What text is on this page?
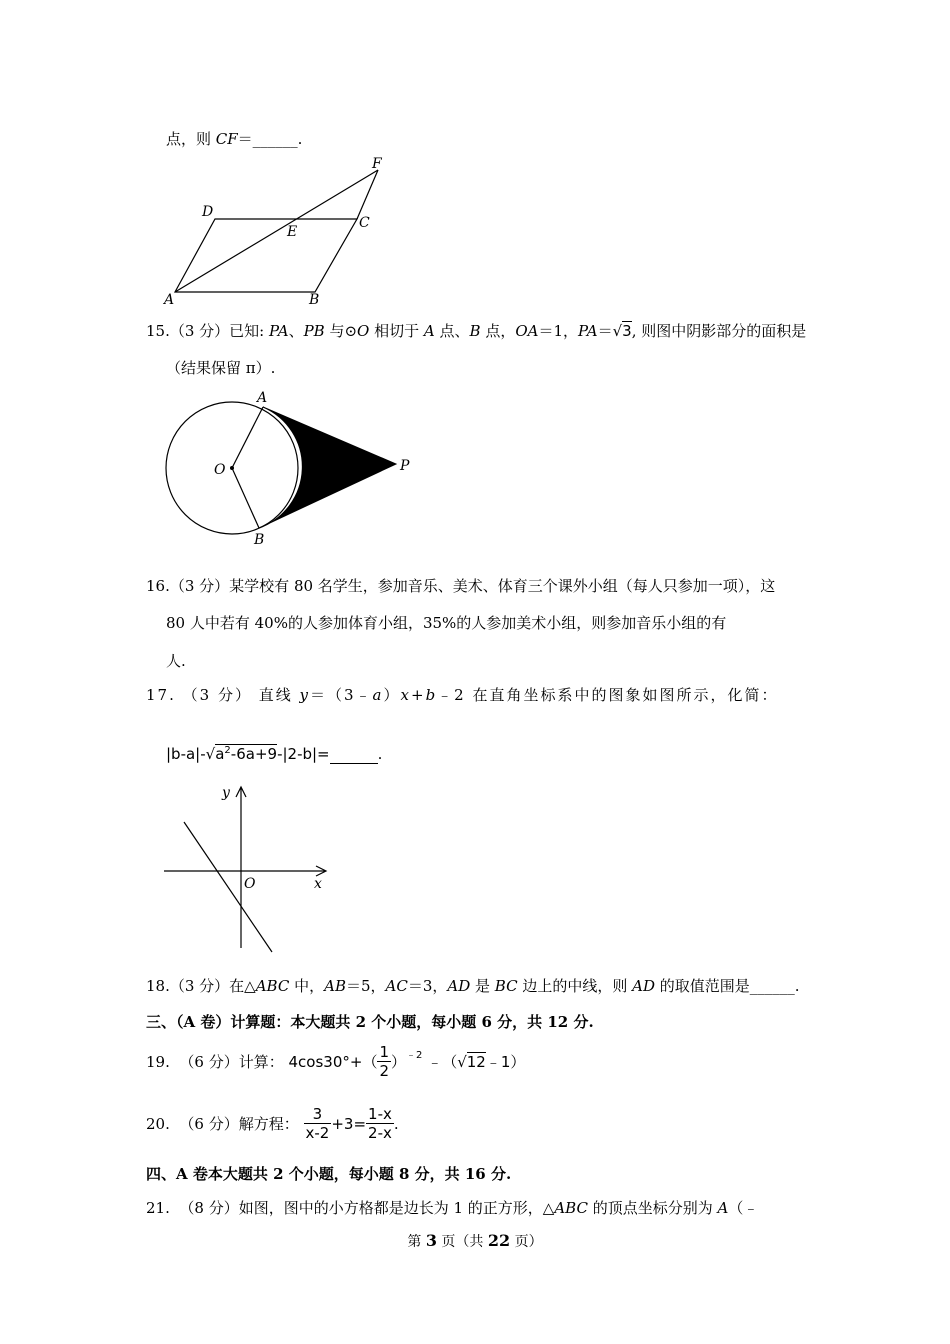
点，则 CF＝______.
F
D
C
E
A	B
15.（3 分）已知: PA、PB 与⊙O 相切于 A 点、B 点，OA＝1，PA＝√3, 则图中阴影部分的面积是
（结果保留 π）.
A
O	P
B
16.（3 分）某学校有 80 名学生，参加音乐、美术、体育三个课外小组（每人只参加一项），这
80 人中若有 40%的人参加体育小组，35%的人参加美术小组，则参加音乐小组的有
人.
17. （3 分） 直线 y＝（3﹣a）x+b﹣2 在直角坐标系中的图象如图所示，化简：
$|b-a|-√a^2-6a+9-|2-b|=$	.
y
O	x
18.（3 分）在△ABC 中，AB＝5，AC＝3，AD 是 BC 边上的中线，则 AD 的取值范围是______.
三、（A 卷）计算题：本大题共 2 个小题，每小题 6 分，共 12 分.
19.
（6 分） 计算：
$4\cos 30^\circ+( \frac{1}{2}$ ） ﹣2
﹣（ √ 12 ﹣1）
20.
（6 分） 解方程：
$\frac{3}{x-2} +3= \frac{1-x}{2-x}$ .
四、A 卷本大题共 2 个小题，每小题 8 分，共 16 分.
21. （8 分）如图，图中的小方格都是边长为 1 的正方形，△ABC 的顶点坐标分别为 A（﹣
第 3 页（共 22 页）
